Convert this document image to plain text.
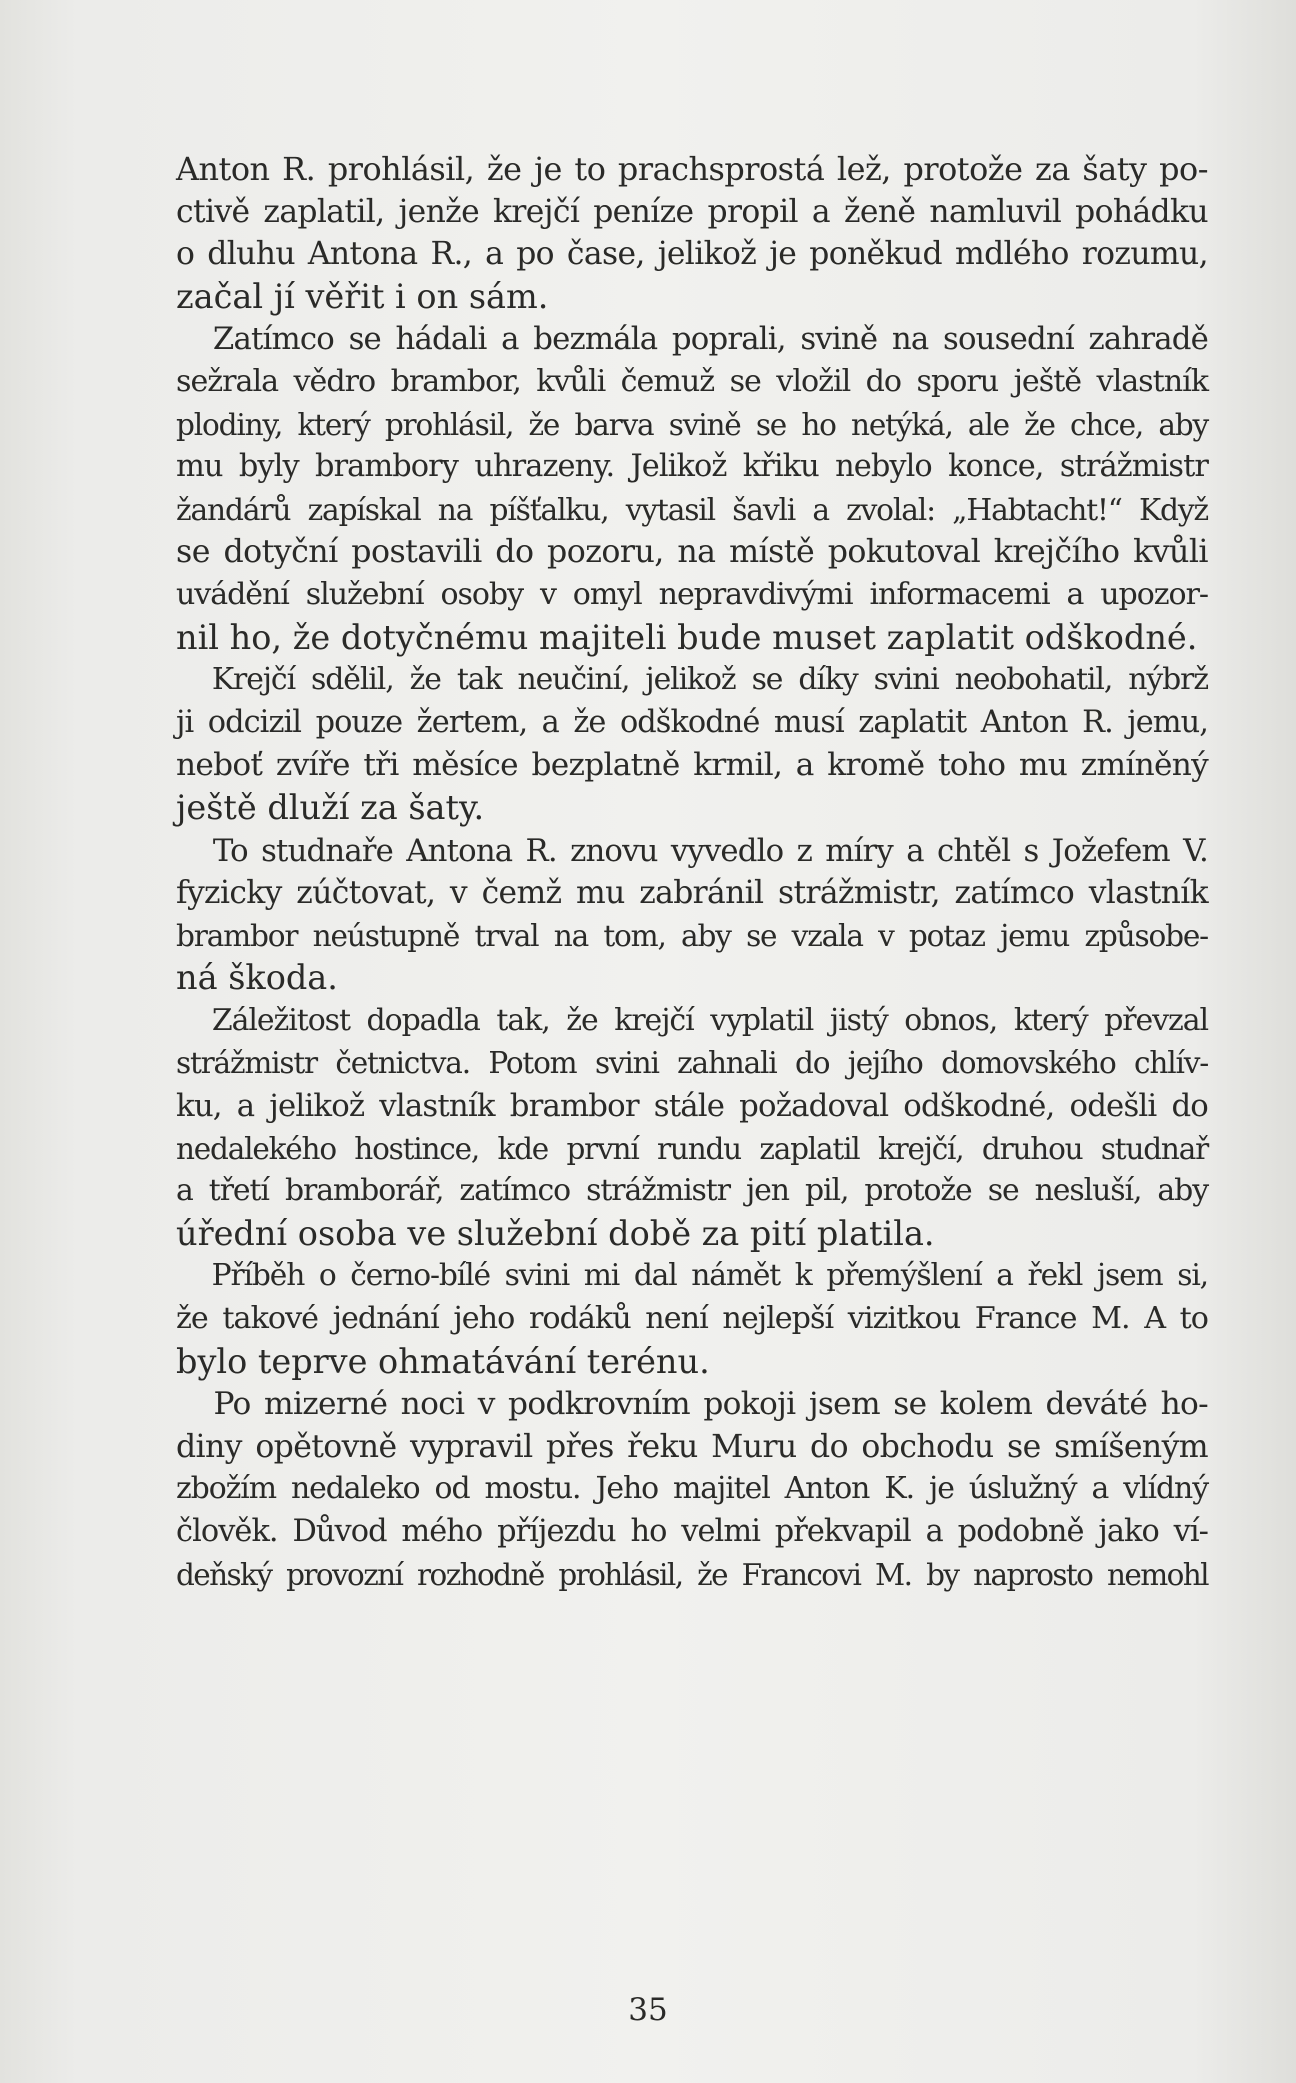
Anton R. prohlásil, že je to prachsprostá lež, protože za šaty po-
ctivě zaplatil, jenže krejčí peníze propil a ženě namluvil pohádku
o dluhu Antona R., a po čase, jelikož je poněkud mdlého rozumu,
začal jí věřit i on sám.
Zatímco se hádali a bezmála poprali, svině na sousední zahradě
sežrala vědro brambor, kvůli čemuž se vložil do sporu ještě vlastník
plodiny, který prohlásil, že barva svině se ho netýká, ale že chce, aby
mu byly brambory uhrazeny. Jelikož křiku nebylo konce, strážmistr
žandárů zapískal na píšťalku, vytasil šavli a zvolal: „Habtacht!“ Když
se dotyční postavili do pozoru, na místě pokutoval krejčího kvůli
uvádění služební osoby v omyl nepravdivými informacemi a upozor-
nil ho, že dotyčnému majiteli bude muset zaplatit odškodné.
Krejčí sdělil, že tak neučiní, jelikož se díky svini neobohatil, nýbrž
ji odcizil pouze žertem, a že odškodné musí zaplatit Anton R. jemu,
neboť zvíře tři měsíce bezplatně krmil, a kromě toho mu zmíněný
ještě dluží za šaty.
To studnaře Antona R. znovu vyvedlo z míry a chtěl s Jožefem V.
fyzicky zúčtovat, v čemž mu zabránil strážmistr, zatímco vlastník
brambor neústupně trval na tom, aby se vzala v potaz jemu způsobe-
ná škoda.
Záležitost dopadla tak, že krejčí vyplatil jistý obnos, který převzal
strážmistr četnictva. Potom svini zahnali do jejího domovského chlív-
ku, a jelikož vlastník brambor stále požadoval odškodné, odešli do
nedalekého hostince, kde první rundu zaplatil krejčí, druhou studnař
a třetí bramborář, zatímco strážmistr jen pil, protože se nesluší, aby
úřední osoba ve služební době za pití platila.
Příběh o černo-bílé svini mi dal námět k přemýšlení a řekl jsem si,
že takové jednání jeho rodáků není nejlepší vizitkou France M. A to
bylo teprve ohmatávání terénu.
Po mizerné noci v podkrovním pokoji jsem se kolem deváté ho-
diny opětovně vypravil přes řeku Muru do obchodu se smíšeným
zbožím nedaleko od mostu. Jeho majitel Anton K. je úslužný a vlídný
člověk. Důvod mého příjezdu ho velmi překvapil a podobně jako ví-
deňský provozní rozhodně prohlásil, že Francovi M. by naprosto nemohl
35
